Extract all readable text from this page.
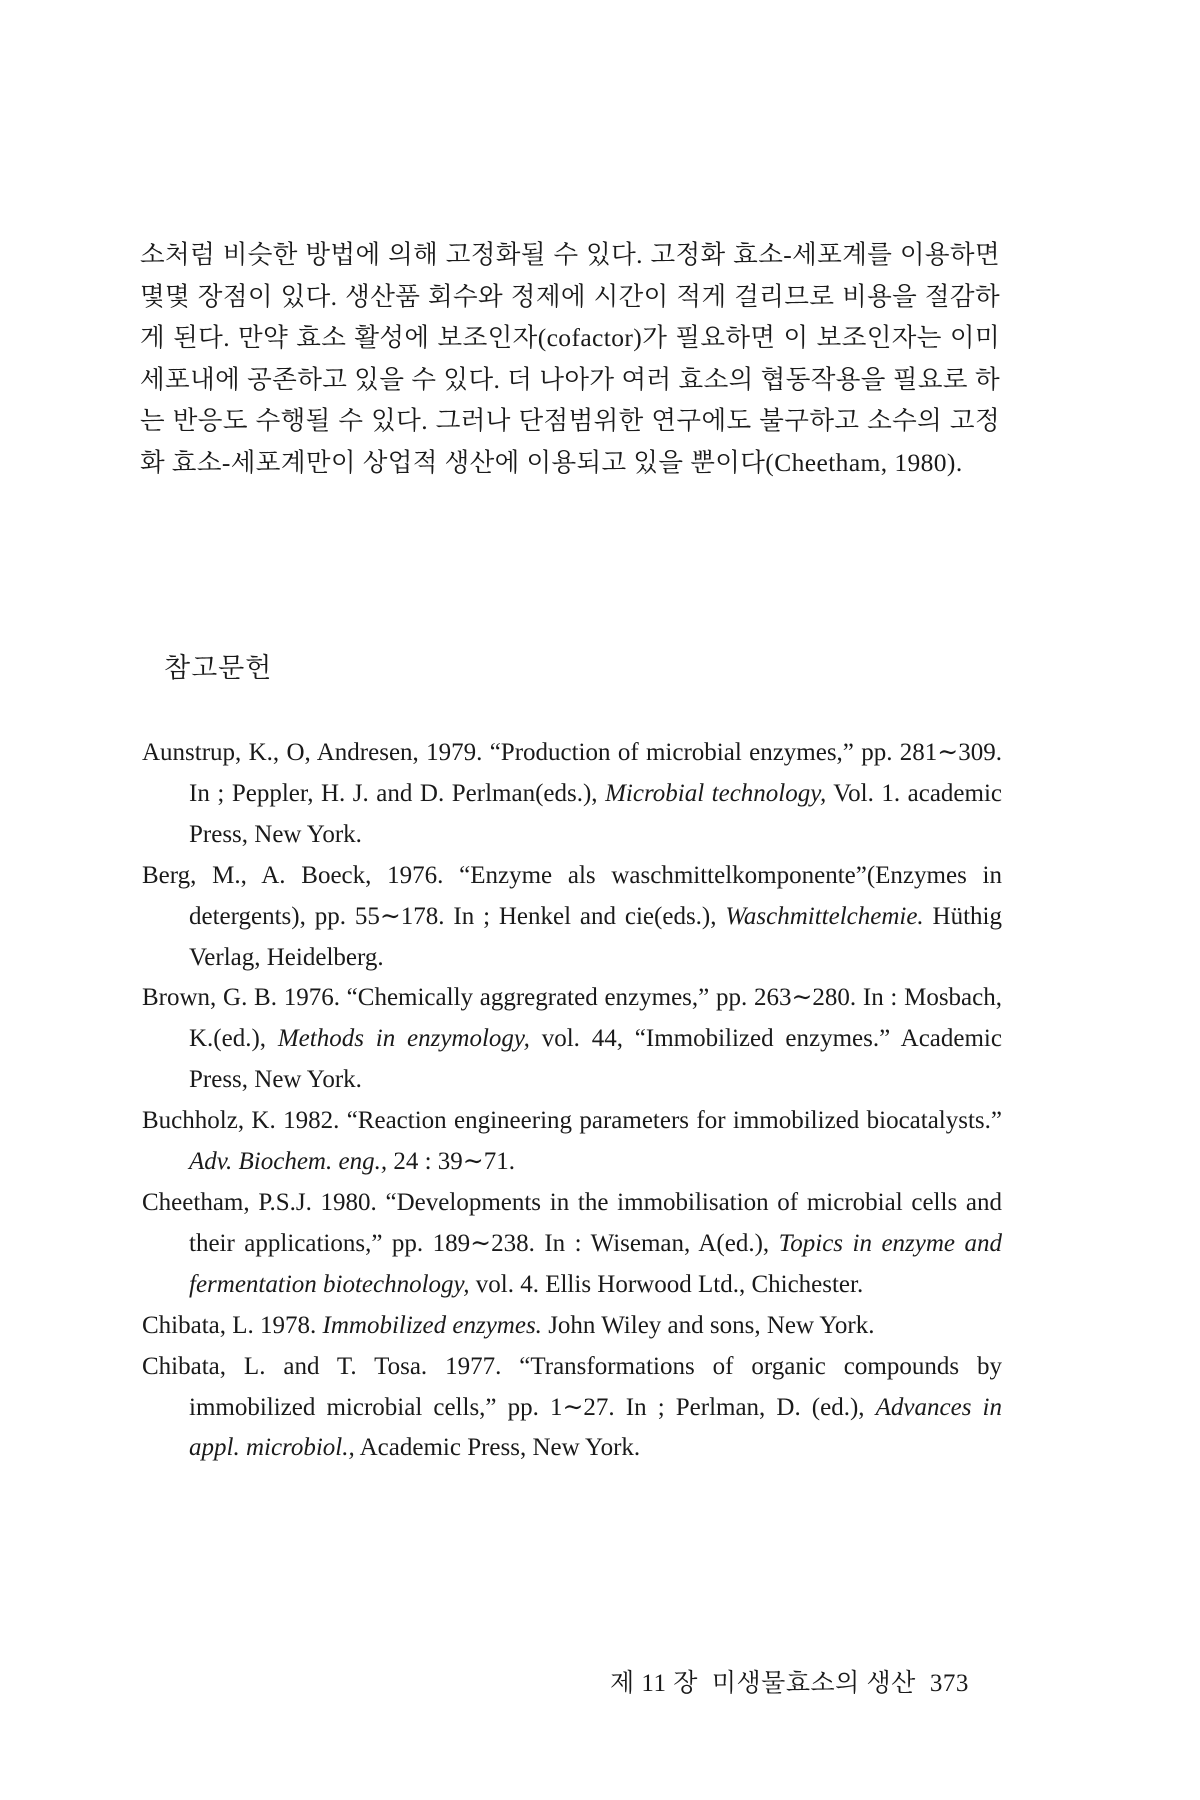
소처럼 비슷한 방법에 의해 고정화될 수 있다. 고정화 효소-세포계를 이용하면 몇몇 장점이 있다. 생산품 회수와 정제에 시간이 적게 걸리므로 비용을 절감하게 된다. 만약 효소 활성에 보조인자(cofactor)가 필요하면 이 보조인자는 이미 세포내에 공존하고 있을 수 있다. 더 나아가 여러 효소의 협동작용을 필요로 하는 반응도 수행될 수 있다. 그러나 단점범위한 연구에도 불구하고 소수의 고정화 효소-세포계만이 상업적 생산에 이용되고 있을 뿐이다(Cheetham, 1980).

참고문헌

Aunstrup, K., O, Andresen, 1979. “Production of microbial enzymes,” pp. 281∼309. In ; Peppler, H. J. and D. Perlman(eds.), Microbial technology, Vol. 1. academic Press, New York.

Berg, M., A. Boeck, 1976. “Enzyme als waschmittelkomponente”(Enzymes in detergents), pp. 55∼178. In ; Henkel and cie(eds.), Waschmittelchemie. Hüthig Verlag, Heidelberg.

Brown, G. B. 1976. “Chemically aggregrated enzymes,” pp. 263∼280. In : Mosbach, K.(ed.), Methods in enzymology, vol. 44, “Immobilized enzymes.” Academic Press, New York.

Buchholz, K. 1982. “Reaction engineering parameters for immobilized biocatalysts.” Adv. Biochem. eng., 24 : 39∼71.

Cheetham, P.S.J. 1980. “Developments in the immobilisation of microbial cells and their applications,” pp. 189∼238. In : Wiseman, A(ed.), Topics in enzyme and fermentation biotechnology, vol. 4. Ellis Horwood Ltd., Chichester.

Chibata, L. 1978. Immobilized enzymes. John Wiley and sons, New York.

Chibata, L. and T. Tosa. 1977. “Transformations of organic compounds by immobilized microbial cells,” pp. 1∼27. In ; Perlman, D. (ed.), Advances in appl. microbiol., Academic Press, New York.

제 11 장 미생물효소의 생산 373
